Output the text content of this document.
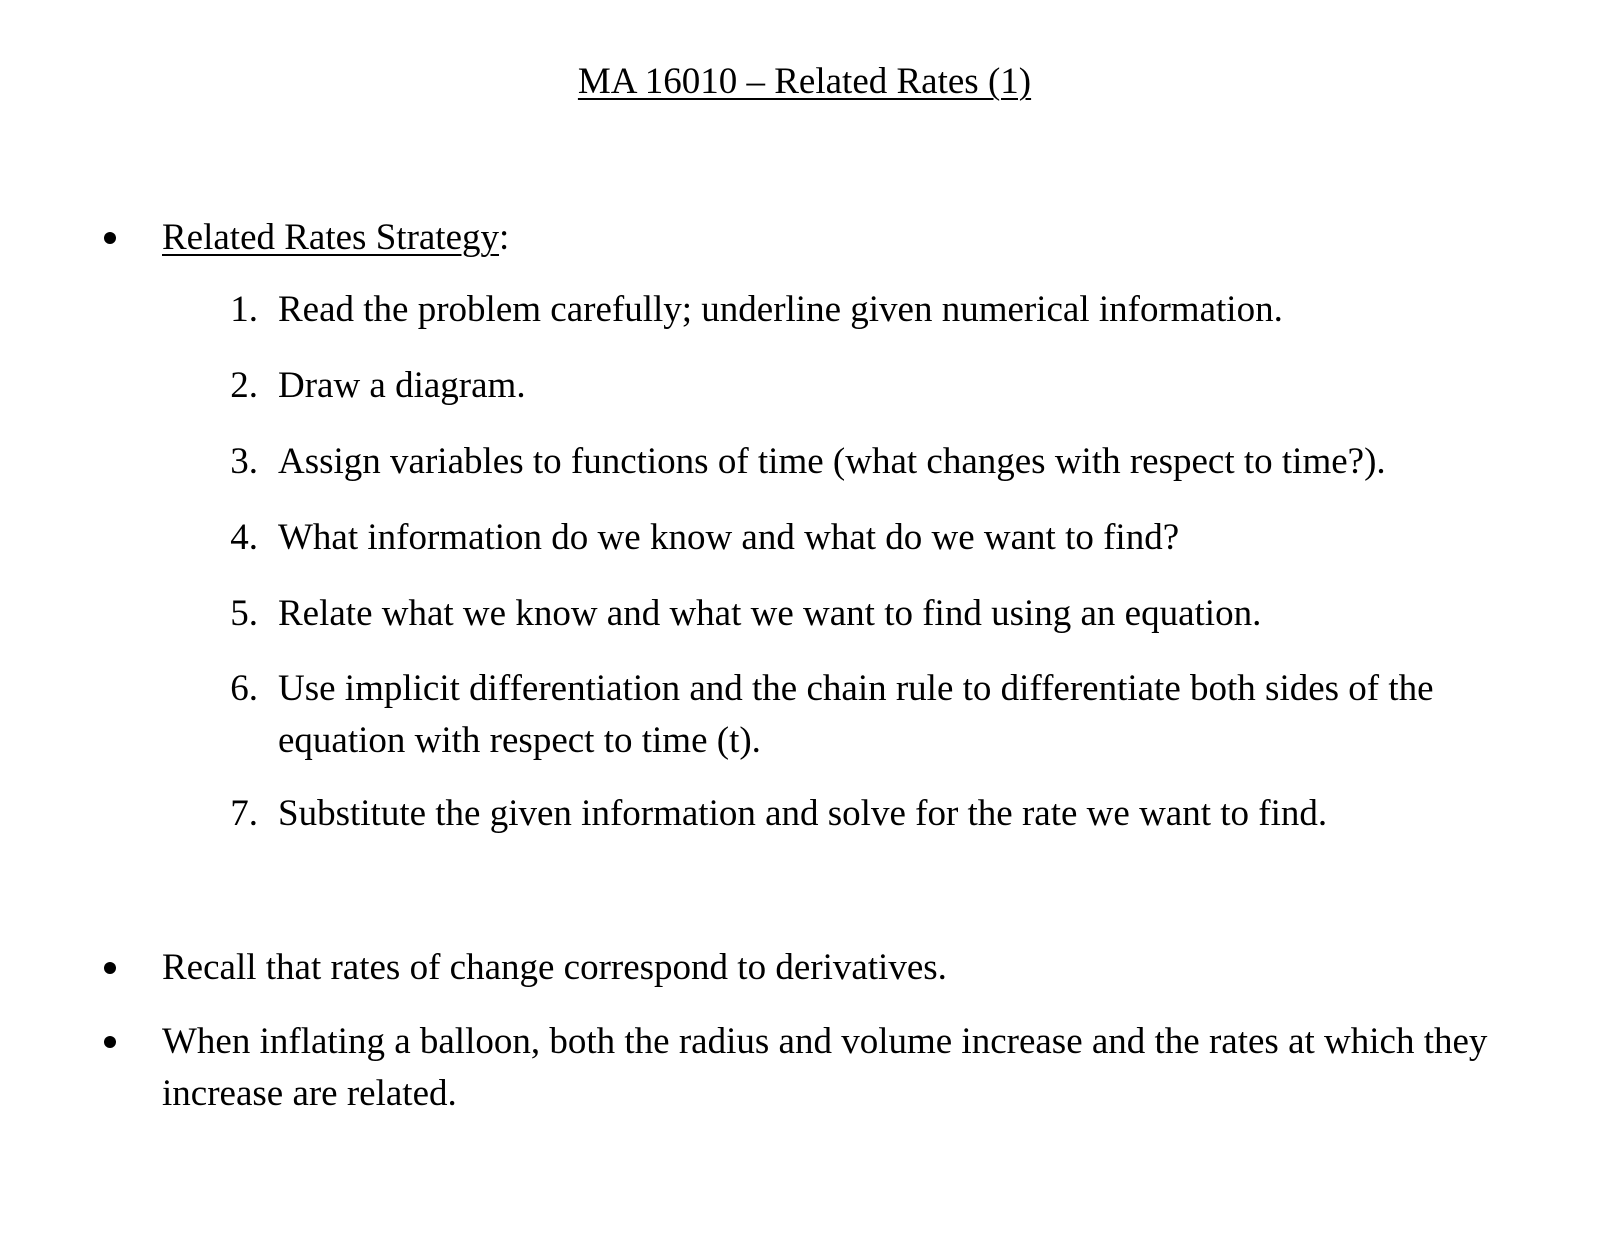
MA 16010 – Related Rates (1)
Related Rates Strategy:
1. Read the problem carefully; underline given numerical information.
2. Draw a diagram.
3. Assign variables to functions of time (what changes with respect to time?).
4. What information do we know and what do we want to find?
5. Relate what we know and what we want to find using an equation.
6. Use implicit differentiation and the chain rule to differentiate both sides of the equation with respect to time (t).
7. Substitute the given information and solve for the rate we want to find.
Recall that rates of change correspond to derivatives.
When inflating a balloon, both the radius and volume increase and the rates at which they increase are related.
